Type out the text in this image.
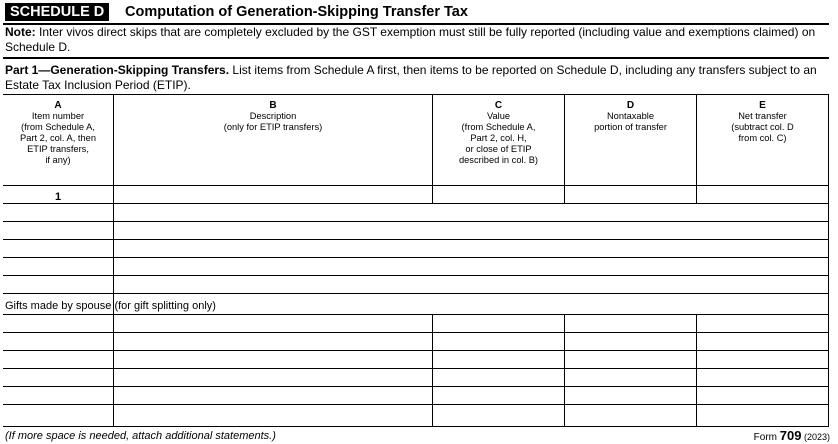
SCHEDULE D	Computation of Generation-Skipping Transfer Tax
Note: Inter vivos direct skips that are completely excluded by the GST exemption must still be fully reported (including value and exemptions claimed) on Schedule D.
Part 1—Generation-Skipping Transfers. List items from Schedule A first, then items to be reported on Schedule D, including any transfers subject to an Estate Tax Inclusion Period (ETIP).
A
Item number
(from Schedule A,
Part 2, col. A, then
ETIP transfers,
if any)
B
Description
(only for ETIP transfers)
C
Value
(from Schedule A,
Part 2, col. H,
or close of ETIP
described in col. B)
D
Nontaxable
portion of transfer
E
Net transfer
(subtract col. D
from col. C)
1
Gifts made by spouse (for gift splitting only)
(If more space is needed, attach additional statements.)	Form 709 (2023)
